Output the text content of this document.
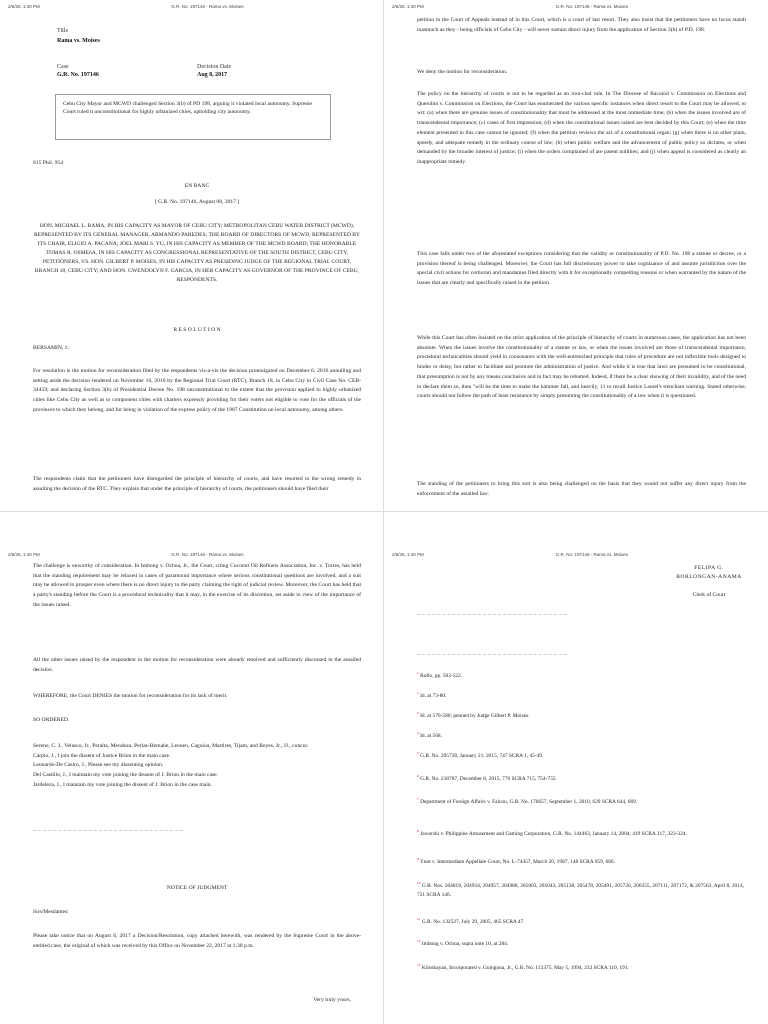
2/6/25, 1:40 PM	G.R. No. 197146 - Rama vs. Moises
Title
Rama vs. Moises
Case
G.R. No. 197146
Decision Date
Aug 8, 2017
Cebu City Mayor and MCWD challenged Section 3(b) of PD 198, arguing it violated local autonomy. Supreme Court ruled it unconstitutional for highly urbanized cities, upholding city autonomy.
815 Phil. 954
EN BANC
[ G.R. No. 197146, August 08, 2017 ]
HON. MICHAEL L. RAMA, IN HIS CAPACITY AS MAYOR OF CEBU CITY; METROPOLITAN CEBU WATER DISTRICT (MCWD), REPRESENTED BY ITS GENERAL MANAGER, ARMANDO PAREDES; THE BOARD OF DIRECTORS OF MCWD, REPRESENTED BY ITS CHAIR, ELIGIO A. PACANA; JOEL MARI S. YU, IN HIS CAPACITY AS MEMBER OF THE MCWD BOARD; THE HONORABLE TOMAS R. OSMEñA, IN HIS CAPACITY AS CONGRESSIONAL REPRESENTATIVE OF THE SOUTH DISTRICT, CEBU CITY, PETITIONERS, VS. HON. GILBERT P. MOISES, IN HIS CAPACITY AS PRESIDING JUDGE OF THE REGIONAL TRIAL COURT, BRANCH 18, CEBU CITY; AND HON. GWENDOLYN F. GARCIA, IN HER CAPACITY AS GOVERNOR OF THE PROVINCE OF CEBU, RESPONDENTS.
R E S O L U T I O N
BERSAMIN, J.:

For resolution is the motion for reconsideration filed by the respondents vis-a-vis the decision promulgated on December 6, 2016 annulling and setting aside the decision rendered on November 16, 2010 by the Regional Trial Court (RTC), Branch 18, in Cebu City in Civil Case No. CEB-34459; and declaring Section 3(b) of Presidential Decree No. 198 unconstitutional to the extent that the provision applied to highly urbanized cities like Cebu City as well as to component cities with charters expressly providing for their voters not eligible to vote for the officials of the provinces to which they belong, and for being in violation of the express policy of the 1987 Constitution on local autonomy, among others.

The respondents claim that the petitioners have disregarded the principle of hierarchy of courts, and have resorted to the wrong remedy in assailing the decision of the RTC. They explain that under the principle of hierarchy of courts, the petitioners should have filed their

2/6/25, 1:40 PM	G.R. No. 197146 - Rama vs. Moises

petition in the Court of Appeals instead of in this Court, which is a court of last resort. They also insist that the petitioners have no locus standi inasmuch as they - being officials of Cebu City - will never sustain direct injury from the application of Section 3(b) of P.D. 198.

We deny the motion for reconsideration.

The policy on the hierarchy of courts is not to be regarded as an iron-clad rule. In The Diocese of Bacolod v. Commission on Elections and Querubin v. Commission on Elections, the Court has enumerated the various specific instances when direct resort to the Court may be allowed, to wit: (a) when there are genuine issues of constitutionality that must be addressed at the most immediate time; (b) when the issues involved are of transcendental importance; (c) cases of first impression; (d) when the constitutional issues raised are best decided by this Court; (e) when the time element presented in this case cannot be ignored; (f) when the petition reviews the act of a constitutional organ; (g) when there is no other plain, speedy, and adequate remedy in the ordinary course of law; (h) when public welfare and the advancement of public policy so dictates, or when demanded by the broader interest of justice; (i) when the orders complained of are patent nullities; and (j) when appeal is considered as clearly an inappropriate remedy.

This case falls under two of the aforestated exceptions considering that the validity or constitutionality of P.D. No. 198 a statute or decree, or a provision thereof is being challenged. Moreover, the Court has full discretionary power to take cognizance of and assume jurisdiction over the special civil actions for certiorari and mandamus filed directly with it for exceptionally compelling reasons or when warranted by the nature of the issues that are clearly and specifically raised in the petition.

While this Court has often insisted on the strict application of the principle of hierarchy of courts in numerous cases, the application has not been absolute. When the issues involve the constitutionality of a statute or law, or when the issues involved are those of transcendental importance, procedural technicalities should yield in consonance with the well-entrenched principle that rules of procedure are not inflexible tools designed to hinder or delay, but rather to facilitate and promote the administration of justice. And while it is true that laws are presumed to be constitutional, that presumption is not by any means conclusive and in fact may be rebutted. Indeed, if there be a clear showing of their invalidity, and of the need to declare them so, then "will be the time to make the hammer fall, and heavily, 11 to recall Justice Laurel's trenchant warning. Stated otherwise, courts should not follow the path of least resistance by simply presuming the constitutionality of a law when it is questioned.

The standing of the petitioners to bring this suit is also being challenged on the basis that they would not suffer any direct injury from the enforcement of the assailed law.

2/6/25, 1:40 PM	G.R. No. 197146 - Rama vs. Moises

The challenge is unworthy of consideration. In Imbong v. Ochoa, Jr., the Court, citing Coconut Oil Refiners Association, Inc. v. Torres, has held that the standing requirement may be relaxed in cases of paramount importance where serious constitutional questions are involved, and a suit may be allowed to prosper even where there is no direct injury to the party claiming the right of judicial review. Moreover, the Court has held that a party's standing before the Court is a procedural technicality that it may, in the exercise of its discretion, set aside in view of the importance of the issues raised.

All the other issues raised by the respondent in the motion for reconsideration were already resolved and sufficiently discussed in the assailed decision.

WHEREFORE, the Court DENIES the motion for reconsideration for its lack of merit.

SO ORDERED.

Sereno, C. J., Velasco, Jr., Peralta, Mendoza, Perlas-Bernabe, Leonen, Caguioa, Martires, Tijam, and Reyes, Jr., JJ., concur.

Carpio, J., I join the dissent of Justice Brion in the main case.

Leonardo-De Castro, J., Please see my dissenting opinion.

Del Castillo, J., I maintain my vote joining the dissent of J. Brion in the main case.

Jardeleza, J., I maintain my vote joining the dissent of J. Brion in the case main.

NOTICE OF JUDGMENT

Sirs/Mesdames:

Please take notice that on August 8, 2017 a Decision/Resolution, copy attached herewith, was rendered by the Supreme Court in the above-entitled case, the original of which was received by this Office on November 22, 2017 at 1:30 p.m.

Very truly yours,

2/6/25, 1:40 PM	G.R. No. 197146 - Rama vs. Moises
FELIPA G. BORLONGAN-ANAMA
Clerk of Court
$^1$ Rollo, pp. 503-522.
$^2$ Id. at 73-80.
$^3$ Id. at 576-580; penned by Judge Gilbert P. Moises.
$^4$ Id. at 568.
$^5$ G.R. No. 205728, January 21, 2015, 747 SCRA 1, 45-49.
$^6$ G.R. No. 218787, December 8, 2015, 776 SCRA 715, 754-755.
$^7$ Department of Foreign Affairs v. Falcon, G.R. No. 176657, September 1, 2010, 629 SCRA 644, 669.
$^8$ Jaworski v. Philippine Amusement and Gaming Corporation, G.R. No. 144463, January 14, 2004, 419 SCRA 317, 323-324.
$^9$ Ynot v. Intermediate Appellate Court, No. L-74457, March 20, 1987, 148 SCRA 659, 666.
$^{10}$ G.R. Nos. 204819, 204934, 204957, 204988, 205003, 205043, 205138, 205478, 205491, 205720, 206355, 207111, 207172, & 207563, April 8, 2014, 721 SCRA 146.
$^{11}$ G.R. No. 132527, July 29, 2005, 465 SCRA 47.
$^{12}$ Imbong v. Ochoa, supra note 10, at 284.
$^{13}$ Kilosbayan, Incorporated v. Guingona, Jr., G.R. No. 113375, May 5, 1994, 232 SCRA 110, 191.
